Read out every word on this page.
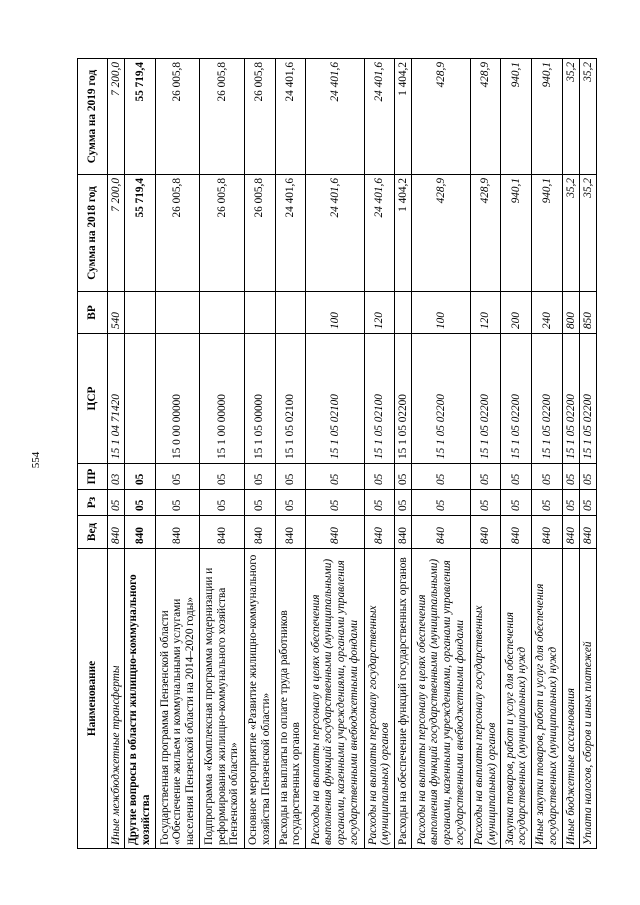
554
Наименование	Вед	Рз	ПР	ЦСР	ВР	Сумма на 2018 год	Сумма на 2019 год
Иные межбюджетные трансферты	840	05	03	15 1 04 71420	540	7 200,0	7 200,0
Другие вопросы в области жилищно-коммунального хозяйства	840	05	05			55 719,4	55 719,4
Государственная программа Пензенской области «Обеспечение жильем и коммунальными услугами населения Пензенской области на 2014–2020 годы»	840	05	05	15 0 00 00000		26 005,8	26 005,8
Подпрограмма «Комплексная программа модернизации и реформирования жилищно-коммунального хозяйства Пензенской области»	840	05	05	15 1 00 00000		26 005,8	26 005,8
Основное мероприятие «Развитие жилищно-коммунального хозяйства Пензенской области»	840	05	05	15 1 05 00000		26 005,8	26 005,8
Расходы на выплаты по оплате труда работников государственных органов	840	05	05	15 1 05 02100		24 401,6	24 401,6
Расходы на выплаты персоналу в целях обеспечения выполнения функций государственными (муниципальными) органами, казенными учреждениями, органами управления государственными внебюджетными фондами	840	05	05	15 1 05 02100	100	24 401,6	24 401,6
Расходы на выплаты персоналу государственных (муниципальных) органов	840	05	05	15 1 05 02100	120	24 401,6	24 401,6
Расходы на обеспечение функций государственных органов	840	05	05	15 1 05 02200		1 404,2	1 404,2
Расходы на выплаты персоналу в целях обеспечения выполнения функций государственными (муниципальными) органами, казенными учреждениями, органами управления государственными внебюджетными фондами	840	05	05	15 1 05 02200	100	428,9	428,9
Расходы на выплаты персоналу государственных (муниципальных) органов	840	05	05	15 1 05 02200	120	428,9	428,9
Закупка товаров, работ и услуг для обеспечения государственных (муниципальных) нужд	840	05	05	15 1 05 02200	200	940,1	940,1
Иные закупки товаров, работ и услуг для обеспечения государственных (муниципальных) нужд	840	05	05	15 1 05 02200	240	940,1	940,1
Иные бюджетные ассигнования	840	05	05	15 1 05 02200	800	35,2	35,2
Уплата налогов, сборов и иных платежей	840	05	05	15 1 05 02200	850	35,2	35,2
